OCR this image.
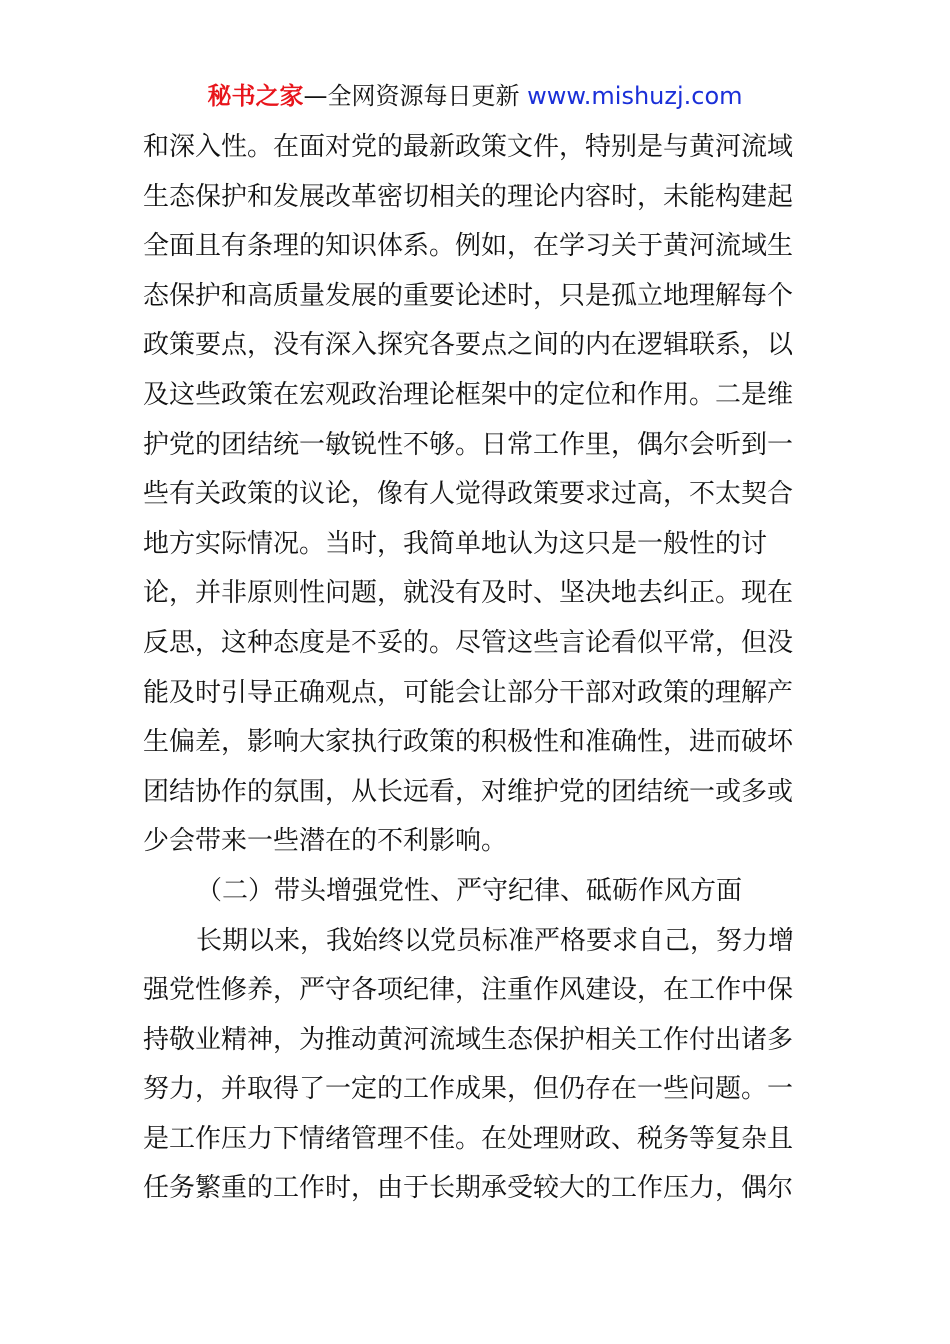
秘书之家—全网资源每日更新 www.mishuzj.com
和深入性。在面对党的最新政策文件，特别是与黄河流域
生态保护和发展改革密切相关的理论内容时，未能构建起
全面且有条理的知识体系。例如，在学习关于黄河流域生
态保护和高质量发展的重要论述时，只是孤立地理解每个
政策要点，没有深入探究各要点之间的内在逻辑联系，以
及这些政策在宏观政治理论框架中的定位和作用。二是维
护党的团结统一敏锐性不够。日常工作里，偶尔会听到一
些有关政策的议论，像有人觉得政策要求过高，不太契合
地方实际情况。当时，我简单地认为这只是一般性的讨
论，并非原则性问题，就没有及时、坚决地去纠正。现在
反思，这种态度是不妥的。尽管这些言论看似平常，但没
能及时引导正确观点，可能会让部分干部对政策的理解产
生偏差，影响大家执行政策的积极性和准确性，进而破坏
团结协作的氛围，从长远看，对维护党的团结统一或多或
少会带来一些潜在的不利影响。
（二）带头增强党性、严守纪律、砥砺作风方面
长期以来，我始终以党员标准严格要求自己，努力增
强党性修养，严守各项纪律，注重作风建设，在工作中保
持敬业精神，为推动黄河流域生态保护相关工作付出诸多
努力，并取得了一定的工作成果，但仍存在一些问题。一
是工作压力下情绪管理不佳。在处理财政、税务等复杂且
任务繁重的工作时，由于长期承受较大的工作压力，偶尔
